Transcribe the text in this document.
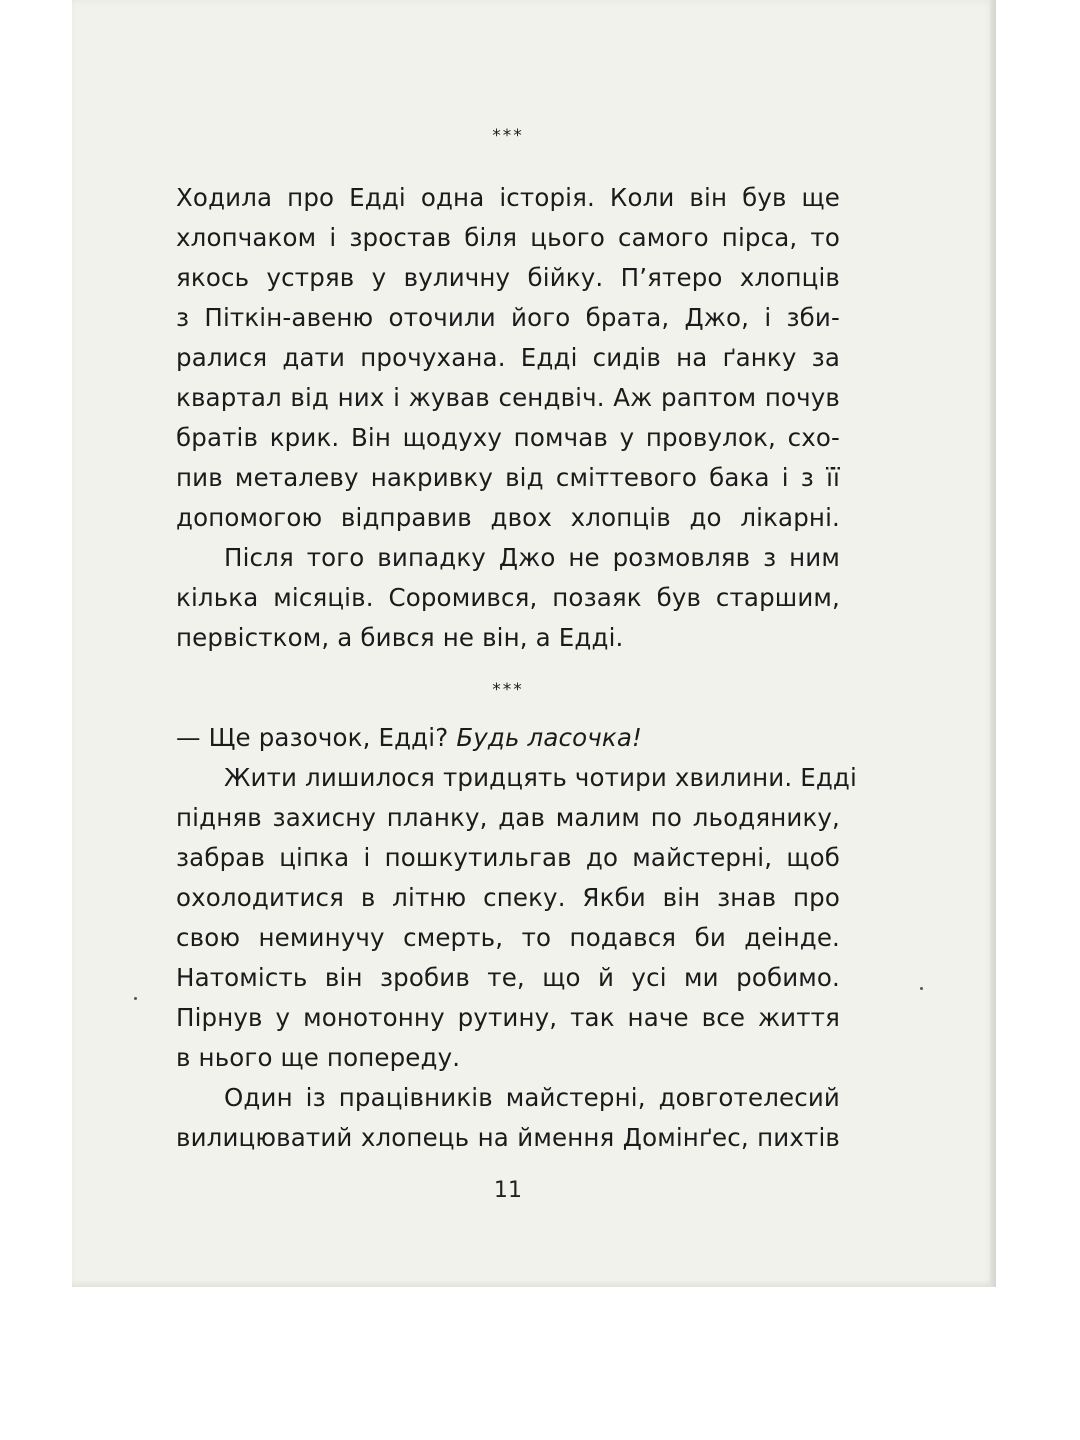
***
Ходила про Едді одна історія. Коли він був ще
хлопчаком і зростав біля цього самого пірса, то
якось устряв у вуличну бійку. П’ятеро хлопців
з Піткін-авеню оточили його брата, Джо, і зби-
ралися дати прочухана. Едді сидів на ґанку за
квартал від них і жував сендвіч. Аж раптом почув
братів крик. Він щодуху помчав у провулок, схо-
пив металеву накривку від сміттевого бака і з її
допомогою відправив двох хлопців до лікарні.
Після того випадку Джо не розмовляв з ним
кілька місяців. Соромився, позаяк був старшим,
первістком, а бився не він, а Едді.
***
— Ще разочок, Едді? Будь ласочка!
Жити лишилося тридцять чотири хвилини. Едді
підняв захисну планку, дав малим по льодянику,
забрав ціпка і пошкутильгав до майстерні, щоб
охолодитися в літню спеку. Якби він знав про
свою неминучу смерть, то подався би деінде.
Натомість він зробив те, що й усі ми робимо.
Пірнув у монотонну рутину, так наче все життя
в нього ще попереду.
Один із працівників майстерні, довготелесий
вилицюватий хлопець на ймення Домінґес, пихтів
11
